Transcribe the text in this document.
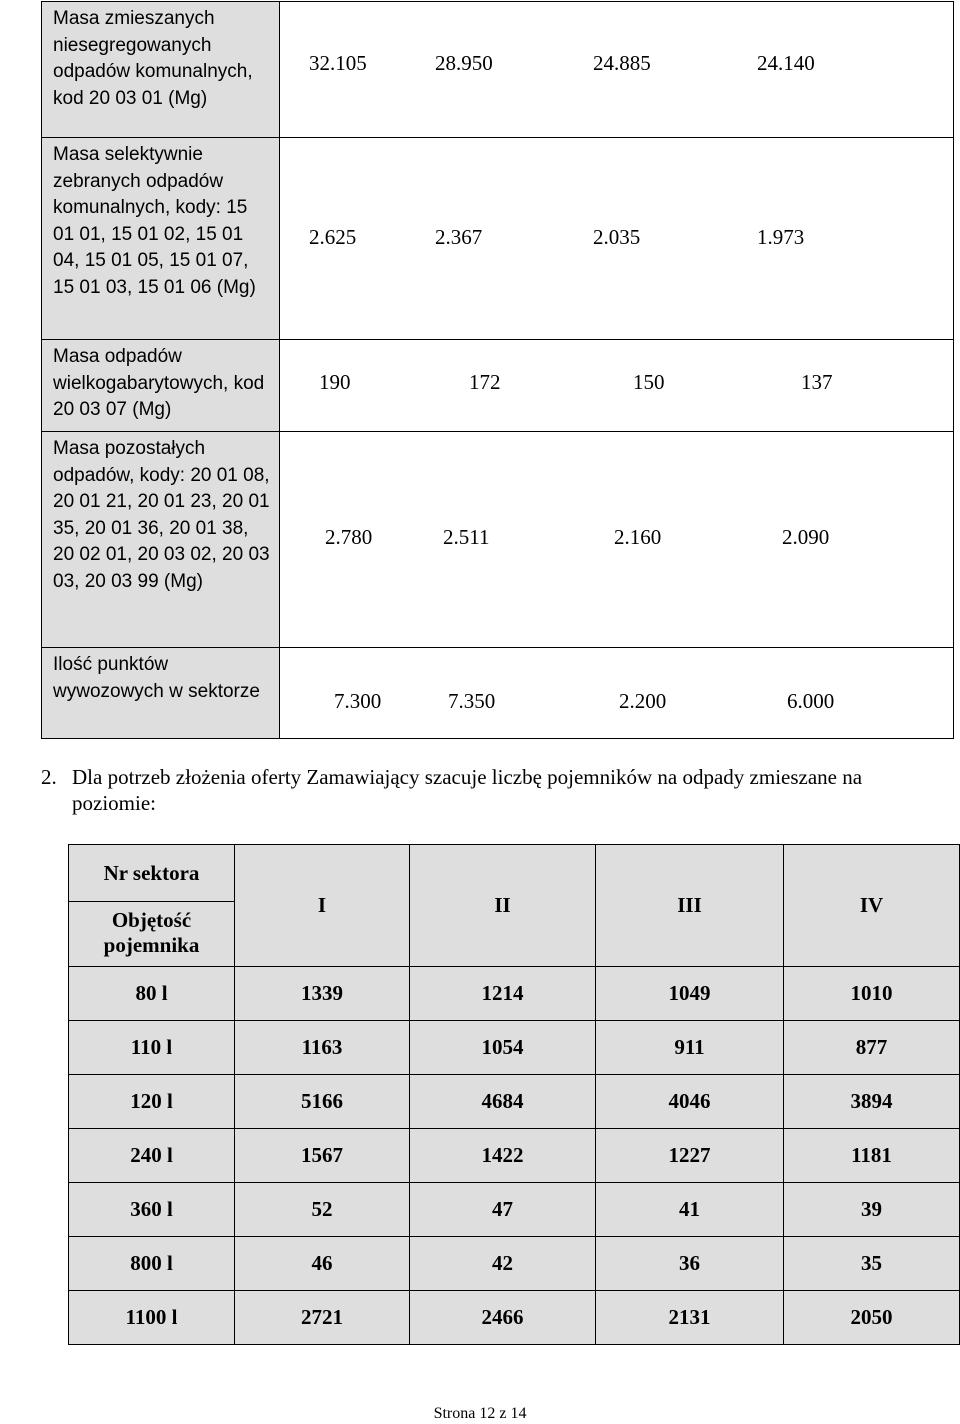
Masa zmieszanych niesegregowanych odpadów komunalnych, kod 20 03 01 (Mg)	32.105 28.950 24.885 24.140

Masa selektywnie zebranych odpadów komunalnych, kody: 15 01 01, 15 01 02, 15 01 04, 15 01 05, 15 01 07, 15 01 03, 15 01 06 (Mg)	2.625 2.367 2.035 1.973

Masa odpadów wielkogabarytowych, kod 20 03 07 (Mg)	190 172 150 137

Masa pozostałych odpadów, kody: 20 01 08, 20 01 21, 20 01 23, 20 01 35, 20 01 36, 20 01 38, 20 02 01, 20 03 02, 20 03 03, 20 03 99 (Mg)	2.780 2.511 2.160 2.090

Ilość punktów wywozowych w sektorze	7.300 7.350 2.200 6.000
2. Dla potrzeb złożenia oferty Zamawiający szacuje liczbę pojemników na odpady zmieszane na poziomie:
Nr sektora
Objętość pojemnika	I	II	III	IV
80 l	1339	1214	1049	1010
110 l	1163	1054	911	877
120 l	5166	4684	4046	3894
240 l	1567	1422	1227	1181
360 l	52	47	41	39
800 l	46	42	36	35
1100 l	2721	2466	2131	2050
Strona 12 z 14
